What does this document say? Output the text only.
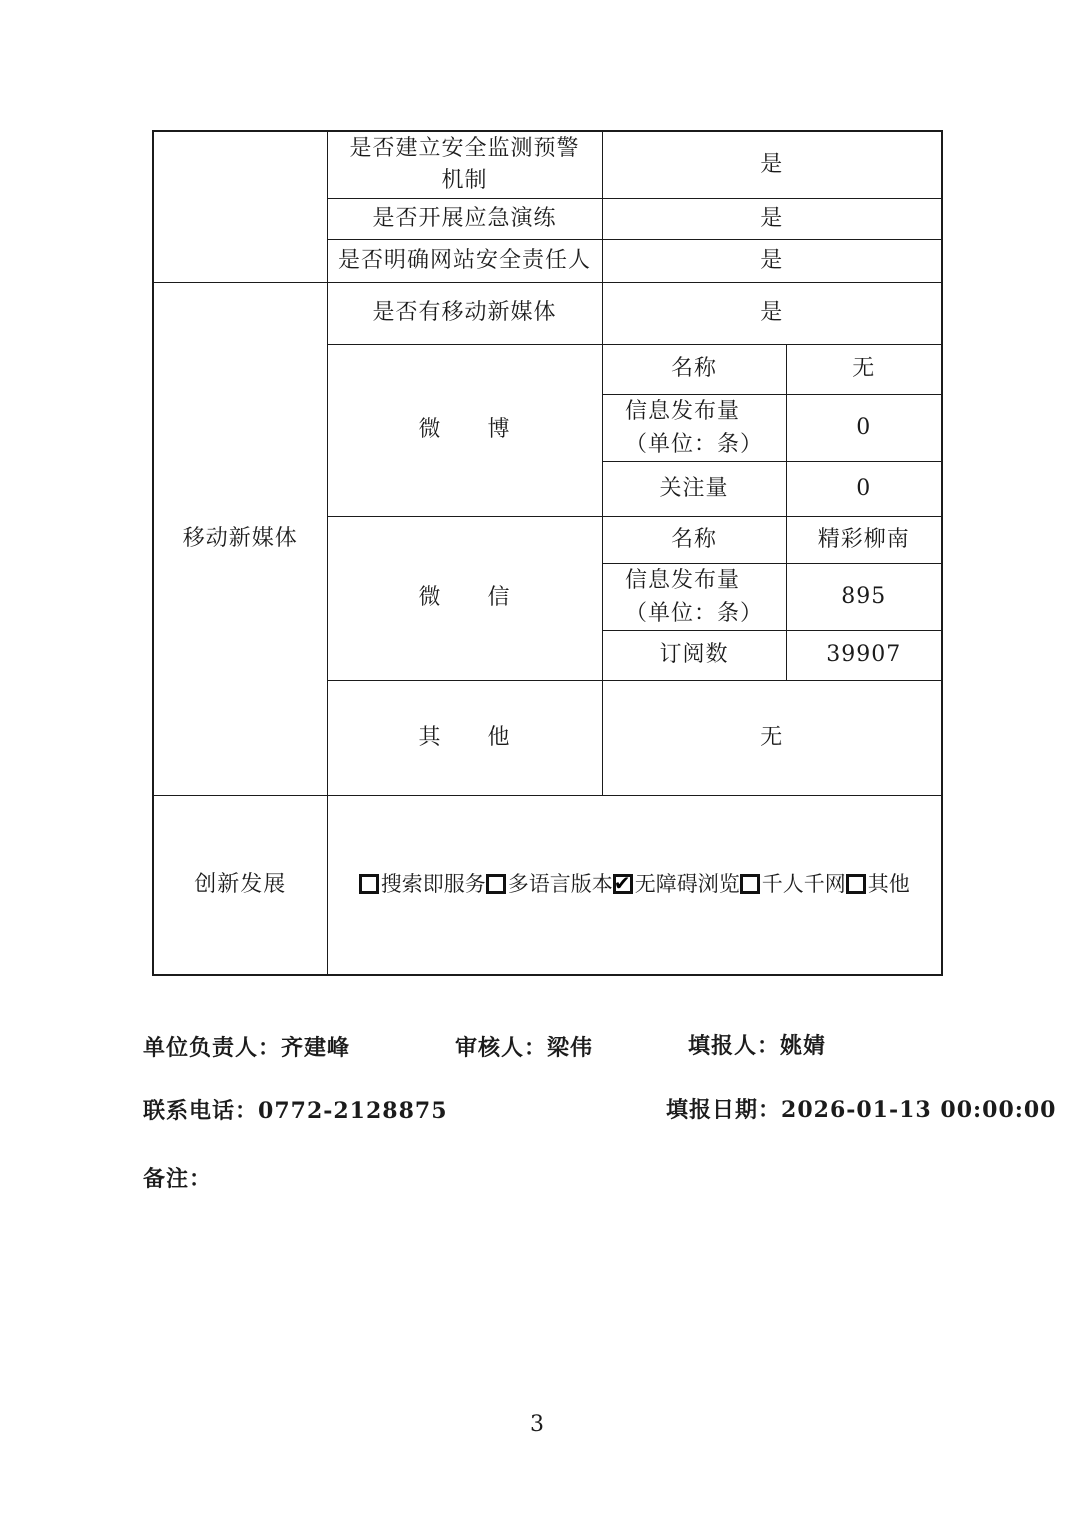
	是否建立安全监测预警
机制	是	
	是否开展应急演练	是	
	是否明确网站安全责任人	是	
移动新媒体	是否有移动新媒体	是	
	微　　博	名称	无

		信息发布量
（单位：条）	0
		关注量	0
	微　　信	名称	精彩柳南

		信息发布量
（单位：条）	895
		订阅数	39907
	其　　他	无	
创新发展	搜索即服务 多语言版本 ✔ 无障碍浏览 千人千网 其他
单位负责人：齐建峰	审核人：梁伟	填报人：姚婧
联系电话：0772-2128875	填报日期：2026-01-13 00:00:00
备注：
3
